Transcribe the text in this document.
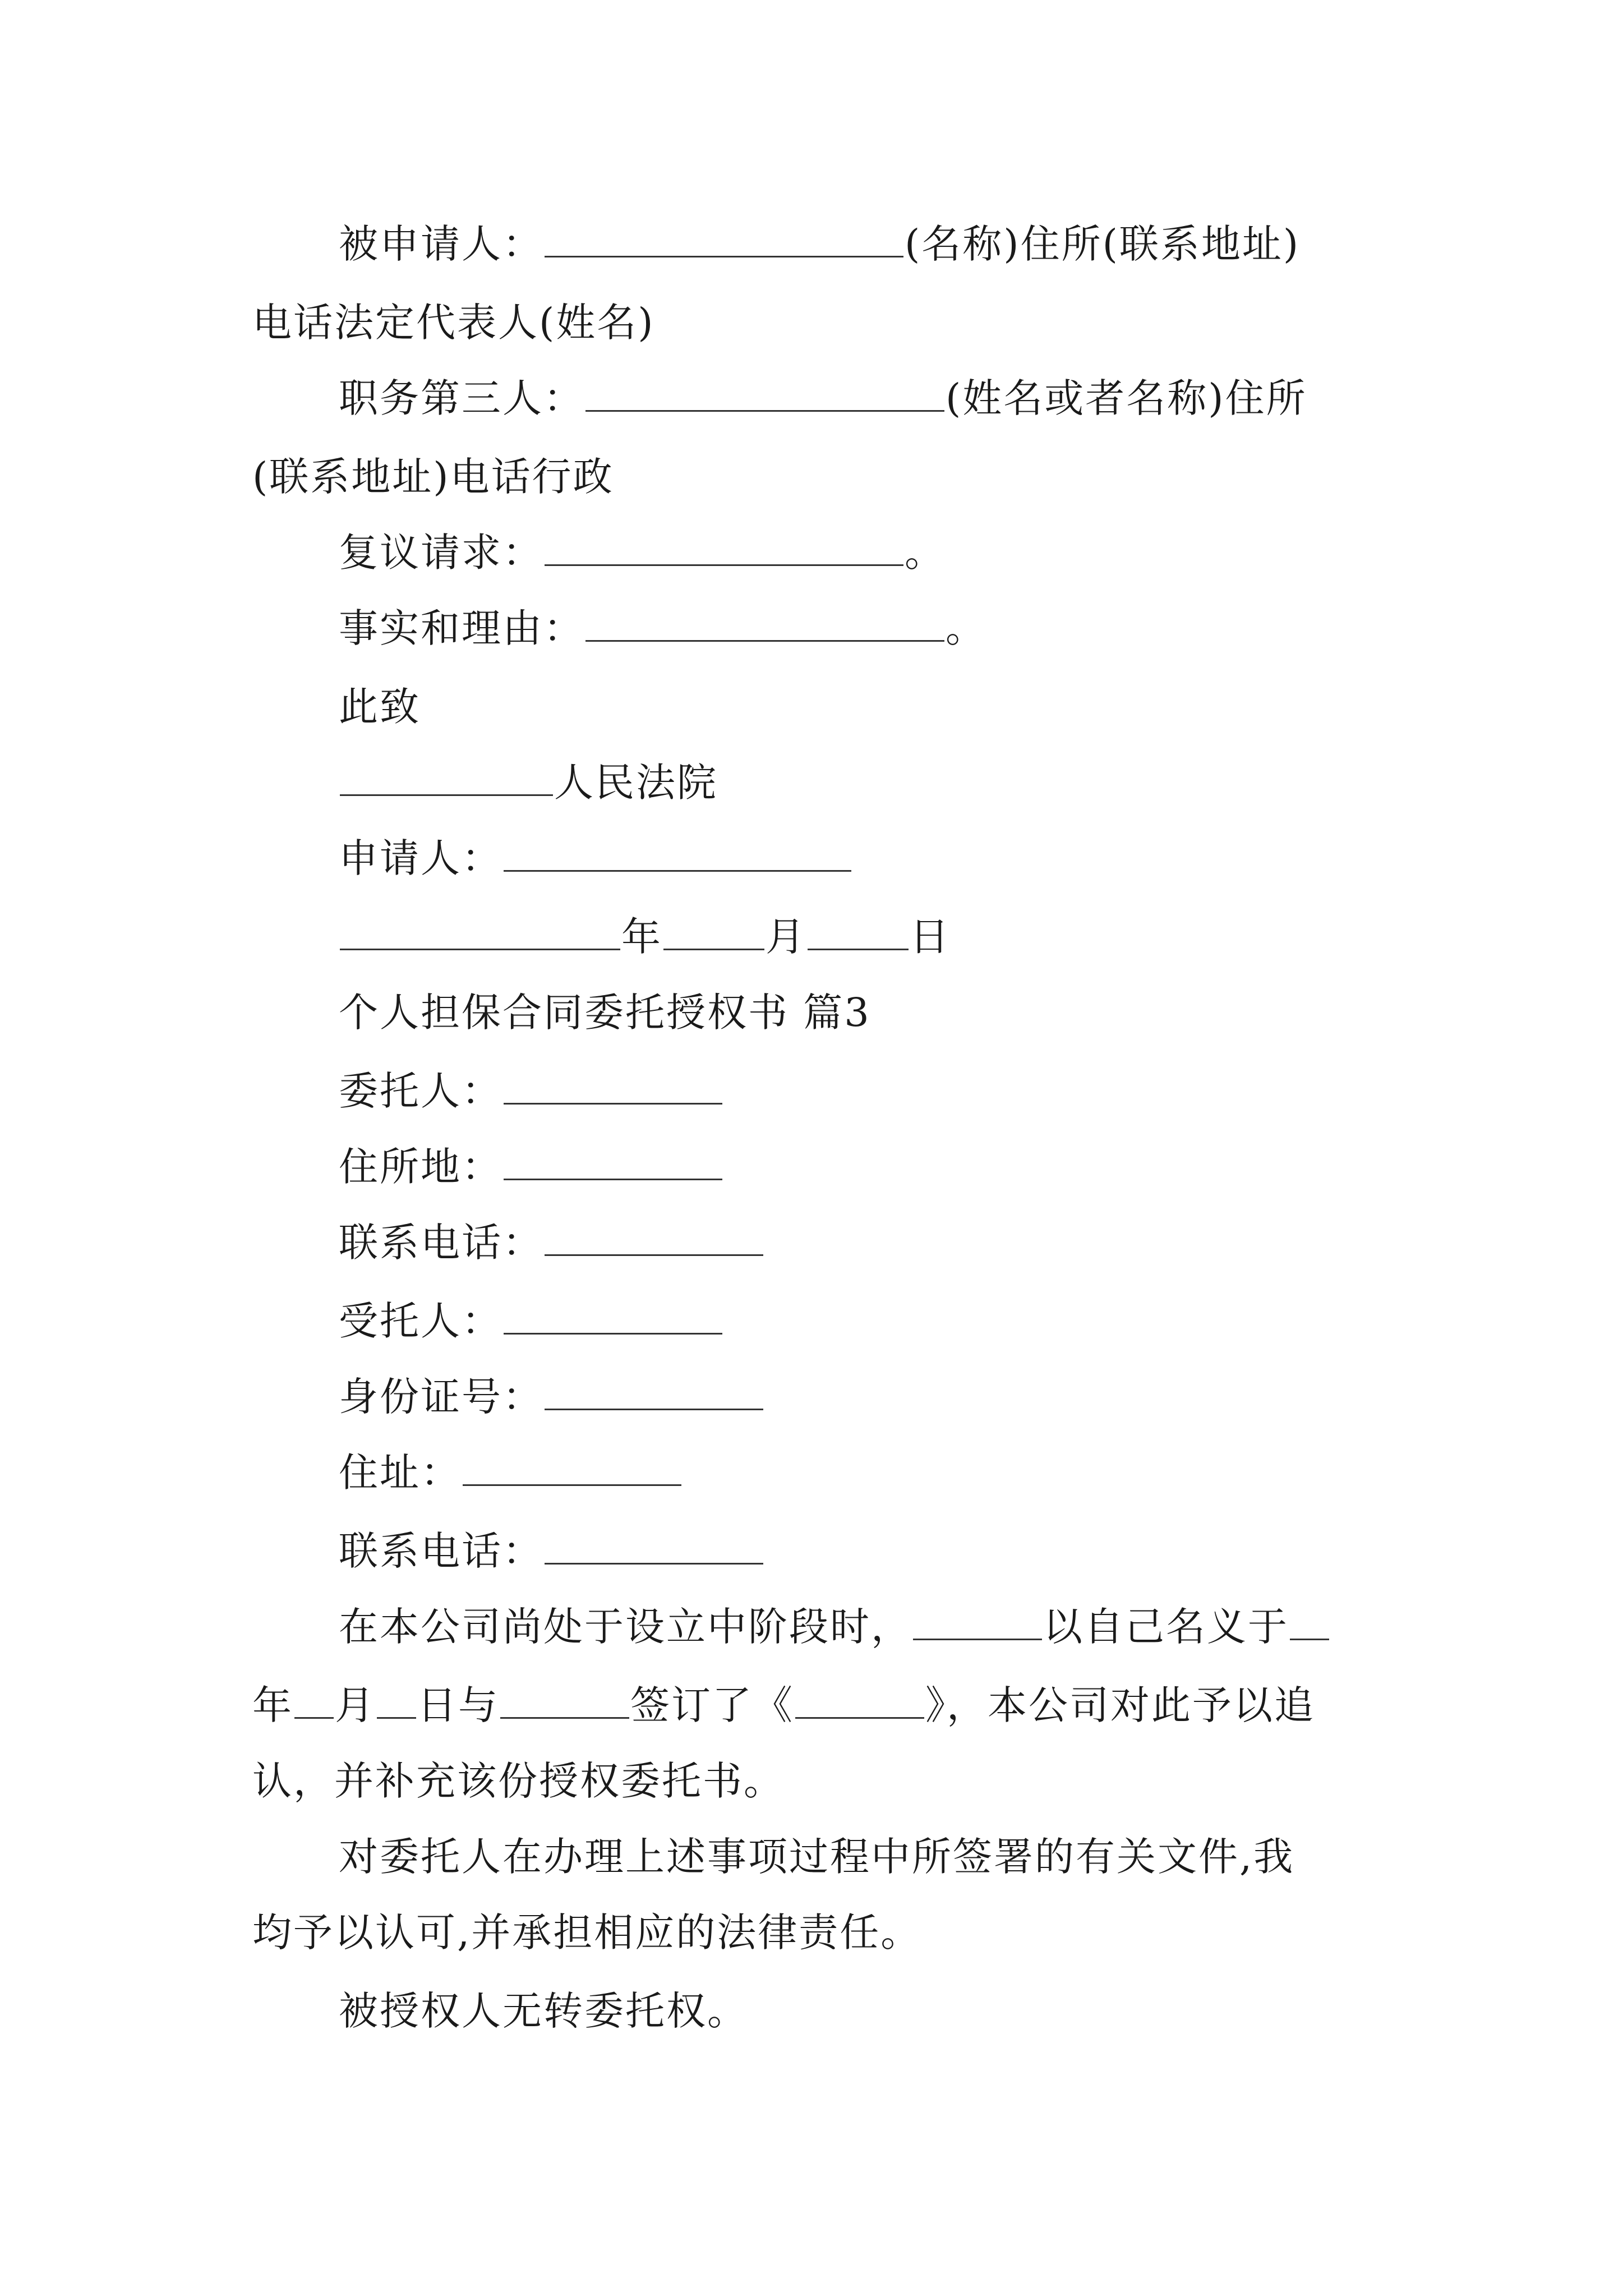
被申请人：	(名称)住所(联系地址)
电话法定代表人(姓名)
职务第三人：	(姓名或者名称)住所
(联系地址)电话行政
复议请求：	。
事实和理由：	。
此致
人民法院
申请人：
年	月	日
个人担保合同委托授权书 篇3
委托人：
住所地：
联系电话：
受托人：
身份证号：
住址：
联系电话：
在本公司尚处于设立中阶段时，	以自己名义于
年 月 日与	签订了《	》，本公司对此予以追
认，并补充该份授权委托书。
对委托人在办理上述事项过程中所签署的有关文件,我
均予以认可,并承担相应的法律责任。
被授权人无转委托权。
